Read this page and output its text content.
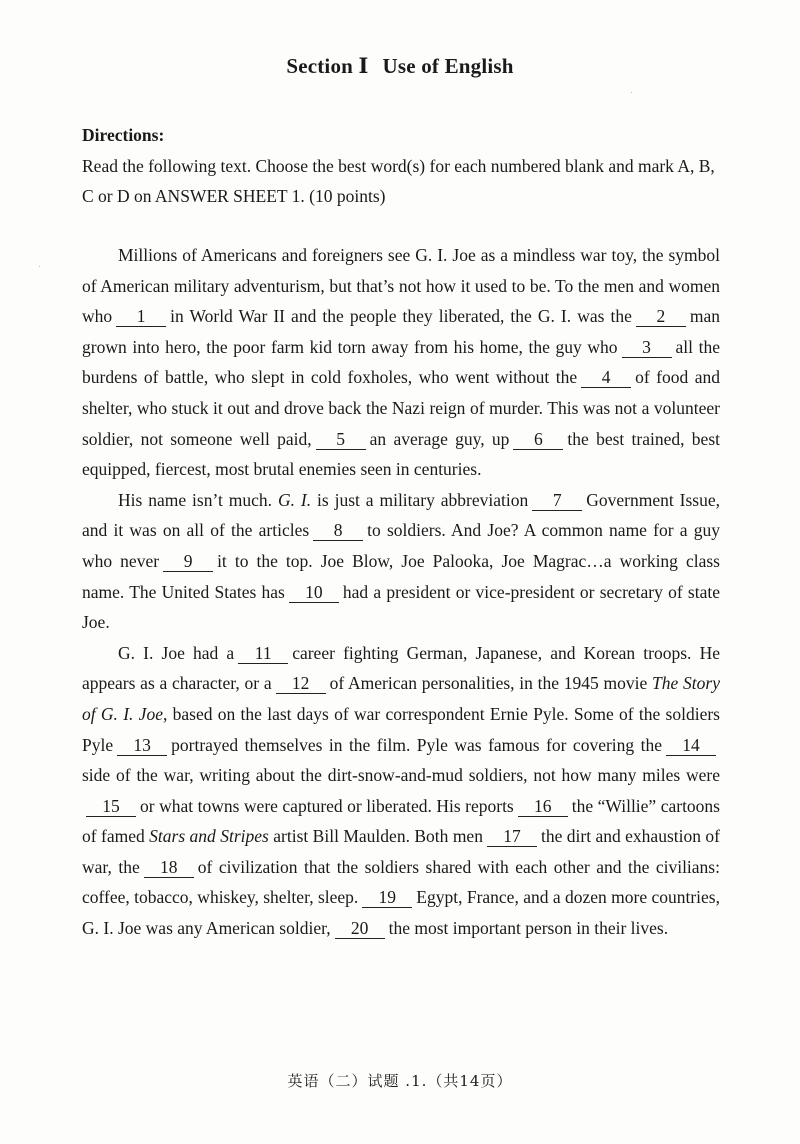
Section Ⅰ Use of English
Directions:
Read the following text. Choose the best word(s) for each numbered blank and mark A, B, C or D on ANSWER SHEET 1. (10 points)

Millions of Americans and foreigners see G. I. Joe as a mindless war toy, the symbol of American military adventurism, but that’s not how it used to be. To the men and women who 1 in World War II and the people they liberated, the G. I. was the 2 man grown into hero, the poor farm kid torn away from his home, the guy who 3 all the burdens of battle, who slept in cold foxholes, who went without the 4 of food and shelter, who stuck it out and drove back the Nazi reign of murder. This was not a volunteer soldier, not someone well paid, 5 an average guy, up 6 the best trained, best equipped, fiercest, most brutal enemies seen in centuries.

His name isn’t much. G. I. is just a military abbreviation 7 Government Issue, and it was on all of the articles 8 to soldiers. And Joe? A common name for a guy who never 9 it to the top. Joe Blow, Joe Palooka, Joe Magrac…a working class name. The United States has 10 had a president or vice-president or secretary of state Joe.

G. I. Joe had a 11 career fighting German, Japanese, and Korean troops. He appears as a character, or a 12 of American personalities, in the 1945 movie The Story of G. I. Joe, based on the last days of war correspondent Ernie Pyle. Some of the soldiers Pyle 13 portrayed themselves in the film. Pyle was famous for covering the 14side of the war, writing about the dirt-snow-and-mud soldiers, not how many miles were15 or what towns were captured or liberated. His reports 16 the “Willie” cartoons of famed Stars and Stripes artist Bill Maulden. Both men 17 the dirt and exhaustion of war, the 18 of civilization that the soldiers shared with each other and the civilians: coffee, tobacco, whiskey, shelter, sleep. 19 Egypt, France, and a dozen more countries, G. I. Joe was any American soldier, 20 the most important person in their lives.

英语（二）试题 .1.（共14页）
·
·
